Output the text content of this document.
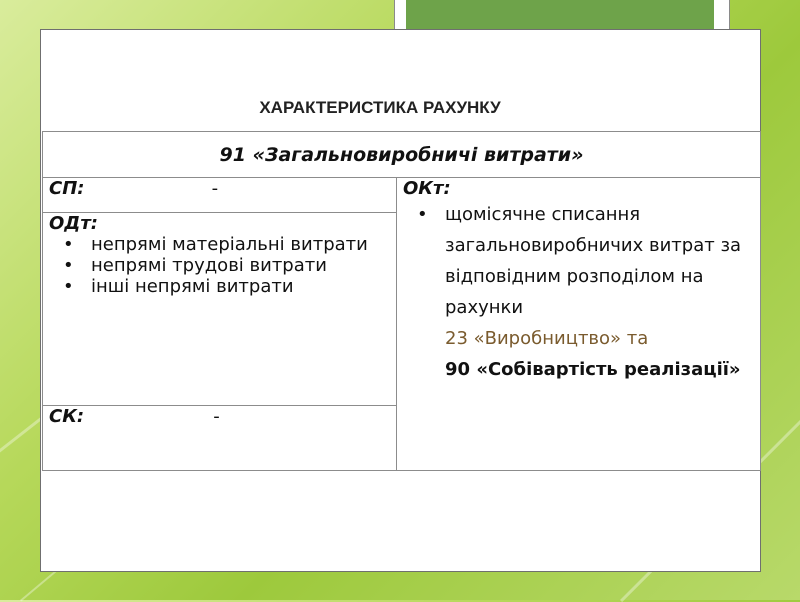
ХАРАКТЕРИСТИКА РАХУНКУ
91 «Загальновиробничі витрати»
СП:	-	ОКт:
• щомісячне списання загальновиробничих витрат за відповідним розподілом на рахунки
23 «Виробництво» та
90 «Собівартість реалізації»

ОДт:
• непрямі матеріальні витрати
• непрямі трудові витрати
• інші непрямі витрати

СК:	-
